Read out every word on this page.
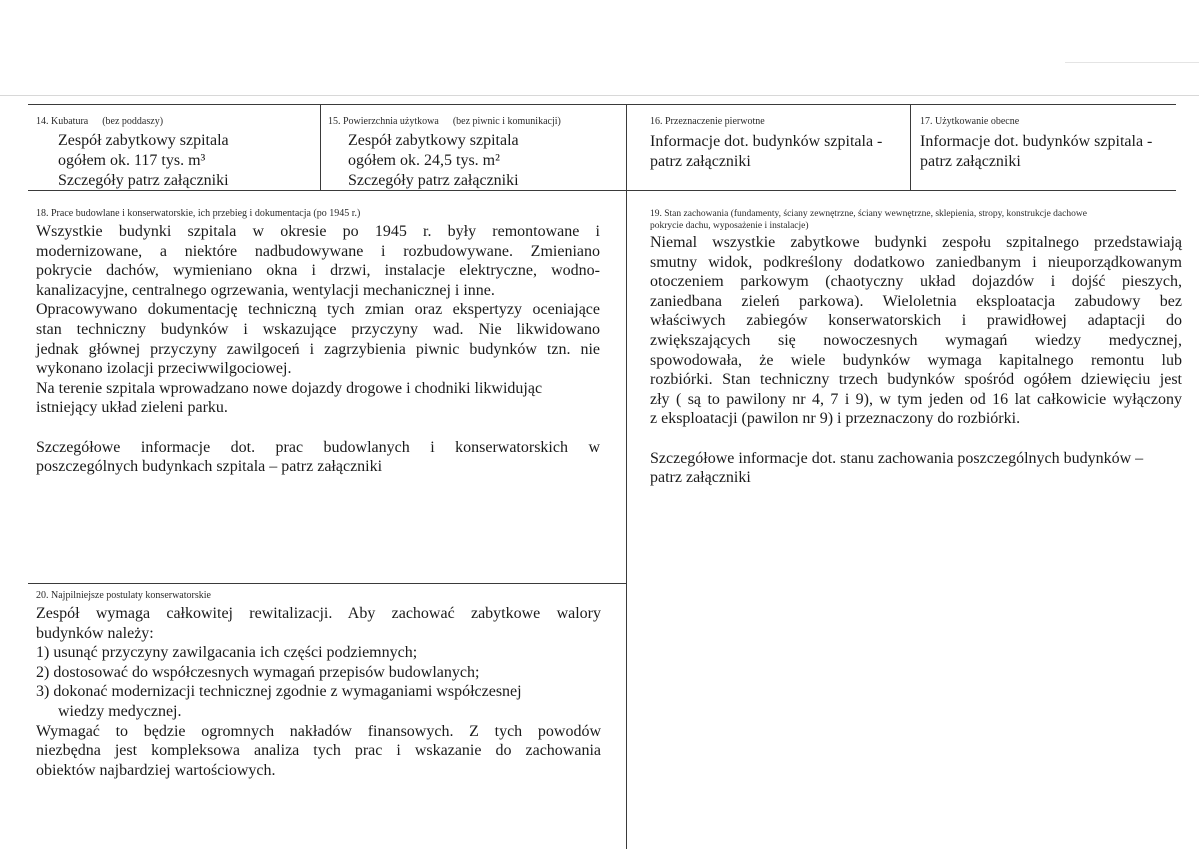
14. Kubatura (bez poddaszy)
Zespół zabytkowy szpitala
ogółem ok. 117 tys. m³
Szczegóły patrz załączniki
15. Powierzchnia użytkowa (bez piwnic i komunikacji)
Zespół zabytkowy szpitala
ogółem ok. 24,5 tys. m²
Szczegóły patrz załączniki
16. Przeznaczenie pierwotne
Informacje dot. budynków szpitala -
patrz załączniki
17. Użytkowanie obecne
Informacje dot. budynków szpitala -
patrz załączniki
18. Prace budowlane i konserwatorskie, ich przebieg i dokumentacja (po 1945 r.)

Wszystkie budynki szpitala w okresie po 1945 r. były remontowane i

modernizowane, a niektóre nadbudowywane i rozbudowywane. Zmieniano

pokrycie dachów, wymieniano okna i drzwi, instalacje elektryczne, wodno-

kanalizacyjne, centralnego ogrzewania, wentylacji mechanicznej i inne.

Opracowywano dokumentację techniczną tych zmian oraz ekspertyzy oceniające

stan techniczny budynków i wskazujące przyczyny wad. Nie likwidowano

jednak głównej przyczyny zawilgoceń i zagrzybienia piwnic budynków tzn. nie

wykonano izolacji przeciwwilgociowej.

Na terenie szpitala wprowadzano nowe dojazdy drogowe i chodniki likwidując

istniejący układ zieleni parku.

Szczegółowe informacje dot. prac budowlanych i konserwatorskich w

poszczególnych budynkach szpitala – patrz załączniki

19. Stan zachowania (fundamenty, ściany zewnętrzne, ściany wewnętrzne, sklepienia, stropy, konstrukcje dachowe
pokrycie dachu, wyposażenie i instalacje)

Niemal wszystkie zabytkowe budynki zespołu szpitalnego przedstawiają

smutny widok, podkreślony dodatkowo zaniedbanym i nieuporządkowanym

otoczeniem parkowym (chaotyczny układ dojazdów i dojść pieszych,

zaniedbana zieleń parkowa). Wieloletnia eksploatacja zabudowy bez

właściwych zabiegów konserwatorskich i prawidłowej adaptacji do

zwiększających się nowoczesnych wymagań wiedzy medycznej,

spowodowała, że wiele budynków wymaga kapitalnego remontu lub

rozbiórki. Stan techniczny trzech budynków spośród ogółem dziewięciu jest

zły ( są to pawilony nr 4, 7 i 9), w tym jeden od 16 lat całkowicie wyłączony

z eksploatacji (pawilon nr 9) i przeznaczony do rozbiórki.

Szczegółowe informacje dot. stanu zachowania poszczególnych budynków –

patrz załączniki

20. Najpilniejsze postulaty konserwatorskie

Zespół wymaga całkowitej rewitalizacji. Aby zachować zabytkowe walory

budynków należy:

1) usunąć przyczyny zawilgacania ich części podziemnych;

2) dostosować do współczesnych wymagań przepisów budowlanych;

3) dokonać modernizacji technicznej zgodnie z wymaganiami współczesnej

wiedzy medycznej.

Wymagać to będzie ogromnych nakładów finansowych. Z tych powodów

niezbędna jest kompleksowa analiza tych prac i wskazanie do zachowania

obiektów najbardziej wartościowych.
